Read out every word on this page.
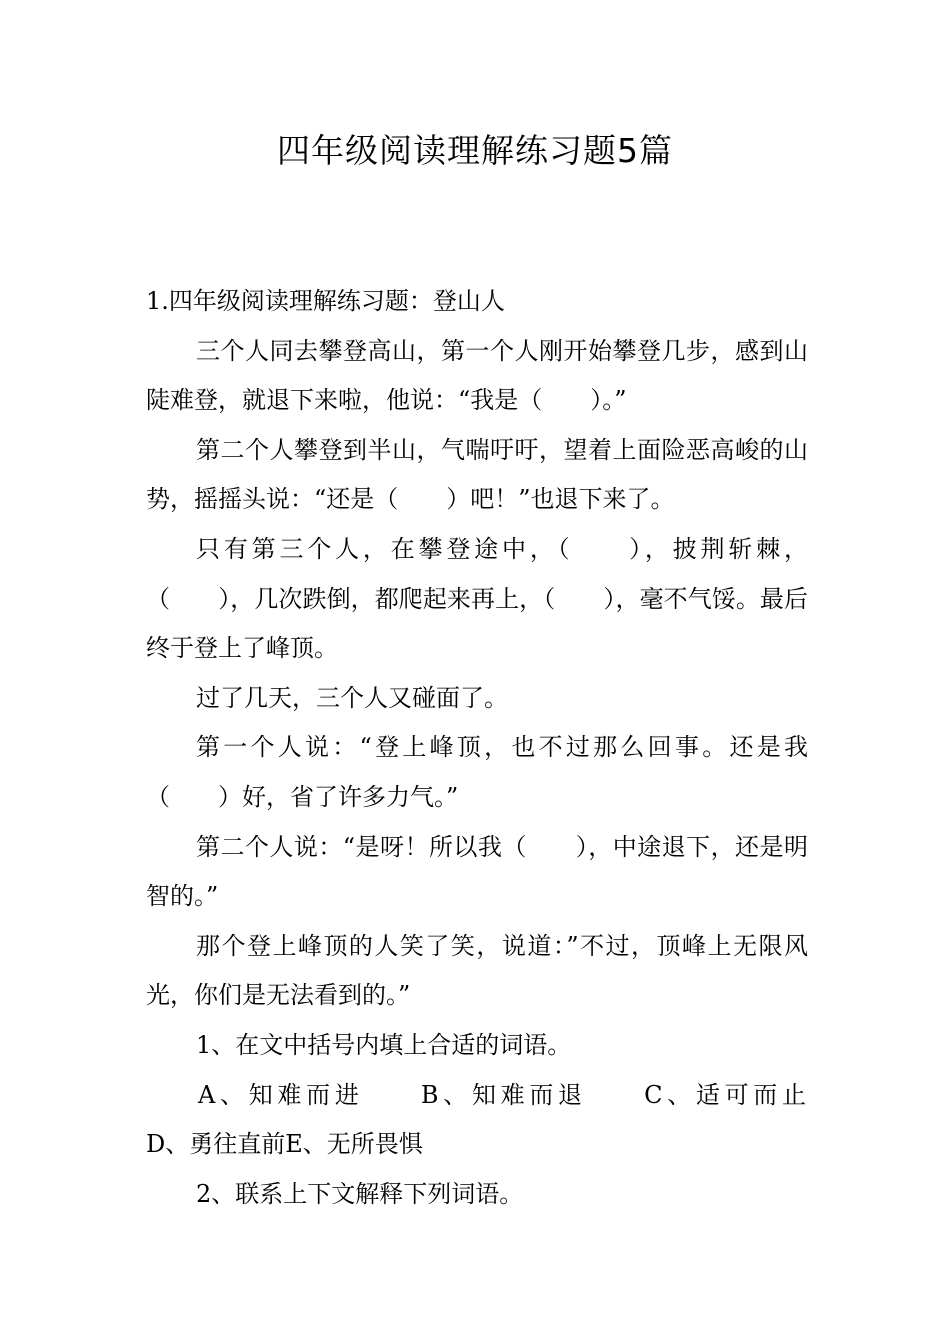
四年级阅读理解练习题5篇

1.四年级阅读理解练习题：登山人

三个人同去攀登高山，第一个人刚开始攀登几步，感到山陡难登，就退下来啦，他说：“我是（　　）。”

第二个人攀登到半山，气喘吁吁，望着上面险恶高峻的山势，摇摇头说：“还是（　　）吧！”也退下来了。

只有第三个人，在攀登途中，（　　），披荆斩棘，（　　），几次跌倒，都爬起来再上，（　　），毫不气馁。最后终于登上了峰顶。

过了几天，三个人又碰面了。

第一个人说：“登上峰顶，也不过那么回事。还是我（　　）好，省了许多力气。”

第二个人说：“是呀！所以我（　　），中途退下，还是明智的。”

那个登上峰顶的人笑了笑，说道：”不过，顶峰上无限风光，你们是无法看到的。”

1、在文中括号内填上合适的词语。

A、知难而进　　B、知难而退　　C、适可而止

D、勇往直前E、无所畏惧

2、联系上下文解释下列词语。
